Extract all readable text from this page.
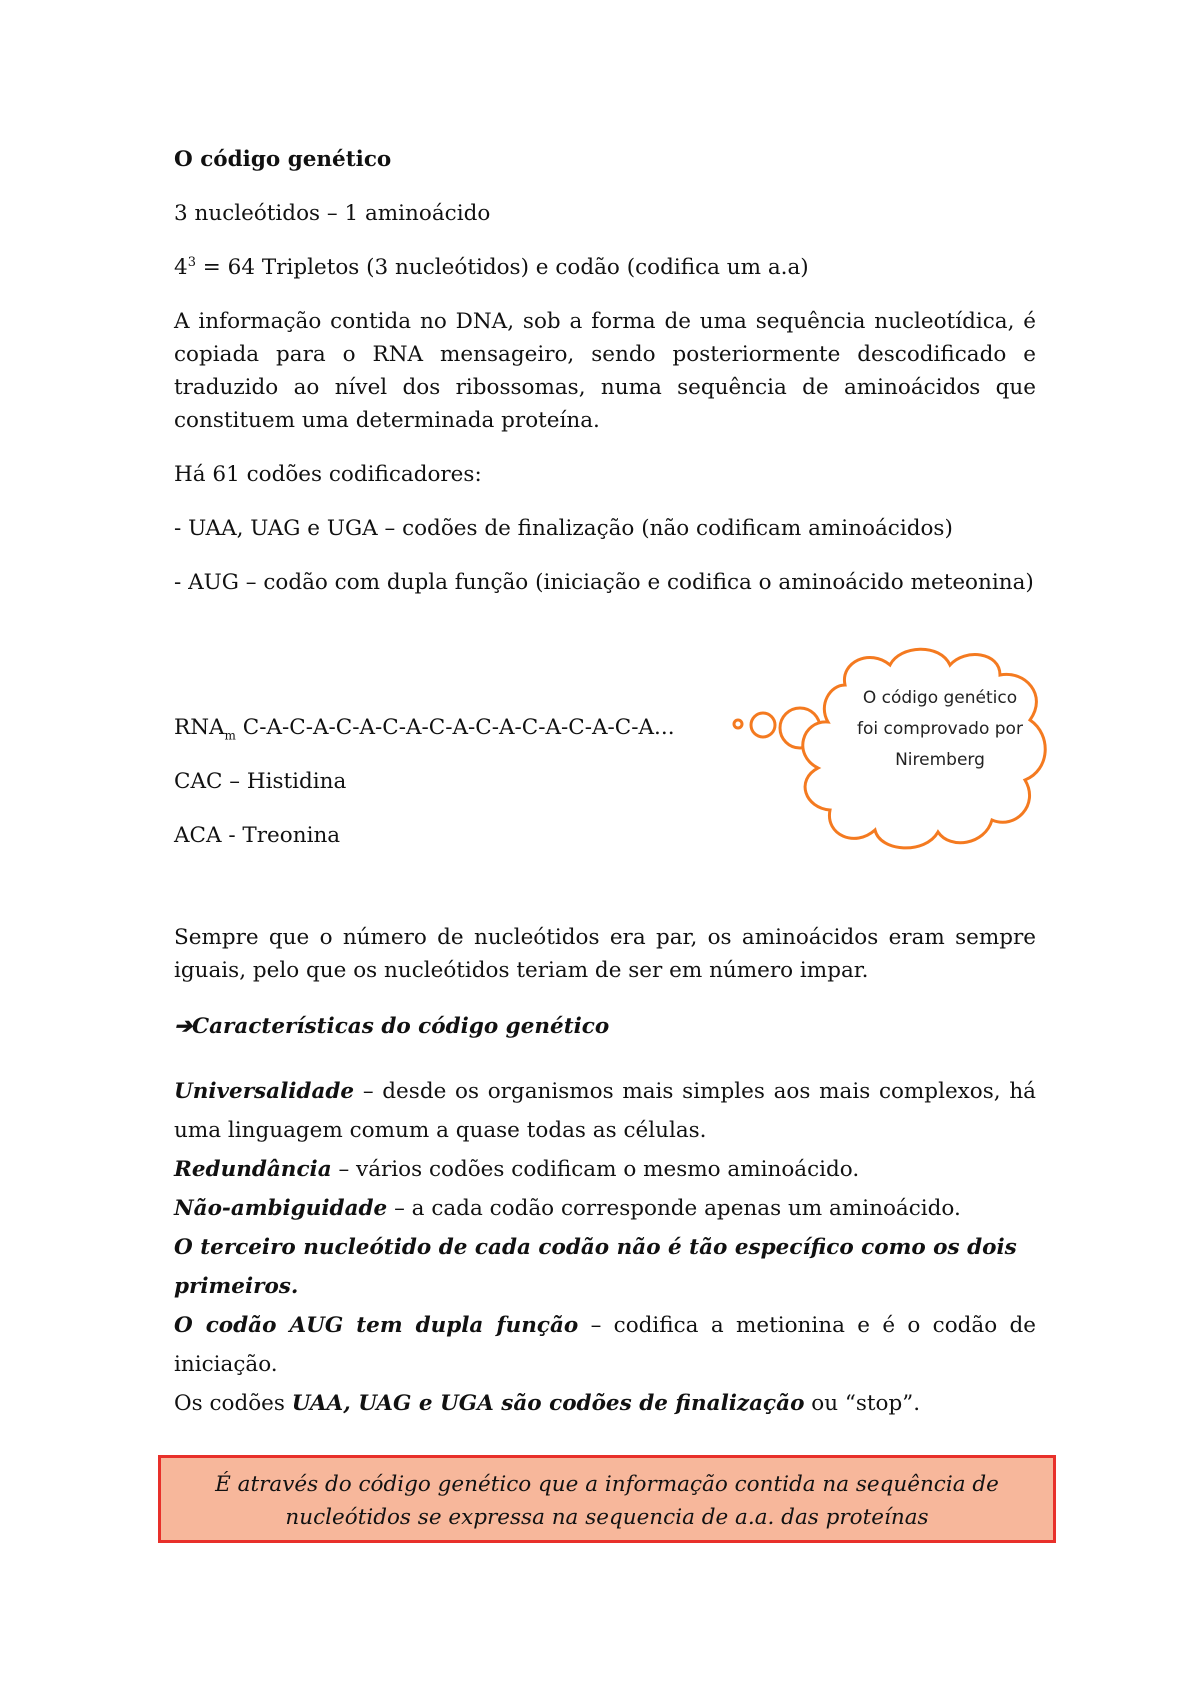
O código genético

3 nucleótidos – 1 aminoácido

$4^3 = 64$ Tripletos (3 nucleótidos) e codão (codifica um a.a)

A informação contida no DNA, sob a forma de uma sequência nucleotídica, é copiada para o RNA mensageiro, sendo posteriormente descodificado e traduzido ao nível dos ribossomas, numa sequência de aminoácidos que constituem uma determinada proteína.

Há 61 codões codificadores:

- UAA, UAG e UGA – codões de finalização (não codificam aminoácidos)

- AUG – codão com dupla função (iniciação e codifica o aminoácido meteonina)

$RNA_m$ C-A-C-A-C-A-C-A-C-A-C-A-C-A-C-A-C-A...

CAC – Histidina

ACA - Treonina

O código genético foi comprovado por Niremberg

Sempre que o número de nucleótidos era par, os aminoácidos eram sempre iguais, pelo que os nucleótidos teriam de ser em número impar.

➔Características do código genético

Universalidade – desde os organismos mais simples aos mais complexos, há uma linguagem comum a quase todas as células.

Redundância – vários codões codificam o mesmo aminoácido.

Não-ambiguidade – a cada codão corresponde apenas um aminoácido.

O terceiro nucleótido de cada codão não é tão específico como os dois primeiros.

O codão AUG tem dupla função – codifica a metionina e é o codão de iniciação.

Os codões UAA, UAG e UGA são codões de finalização ou “stop”.

É através do código genético que a informação contida na sequência de
nucleótidos se expressa na sequencia de a.a. das proteínas
